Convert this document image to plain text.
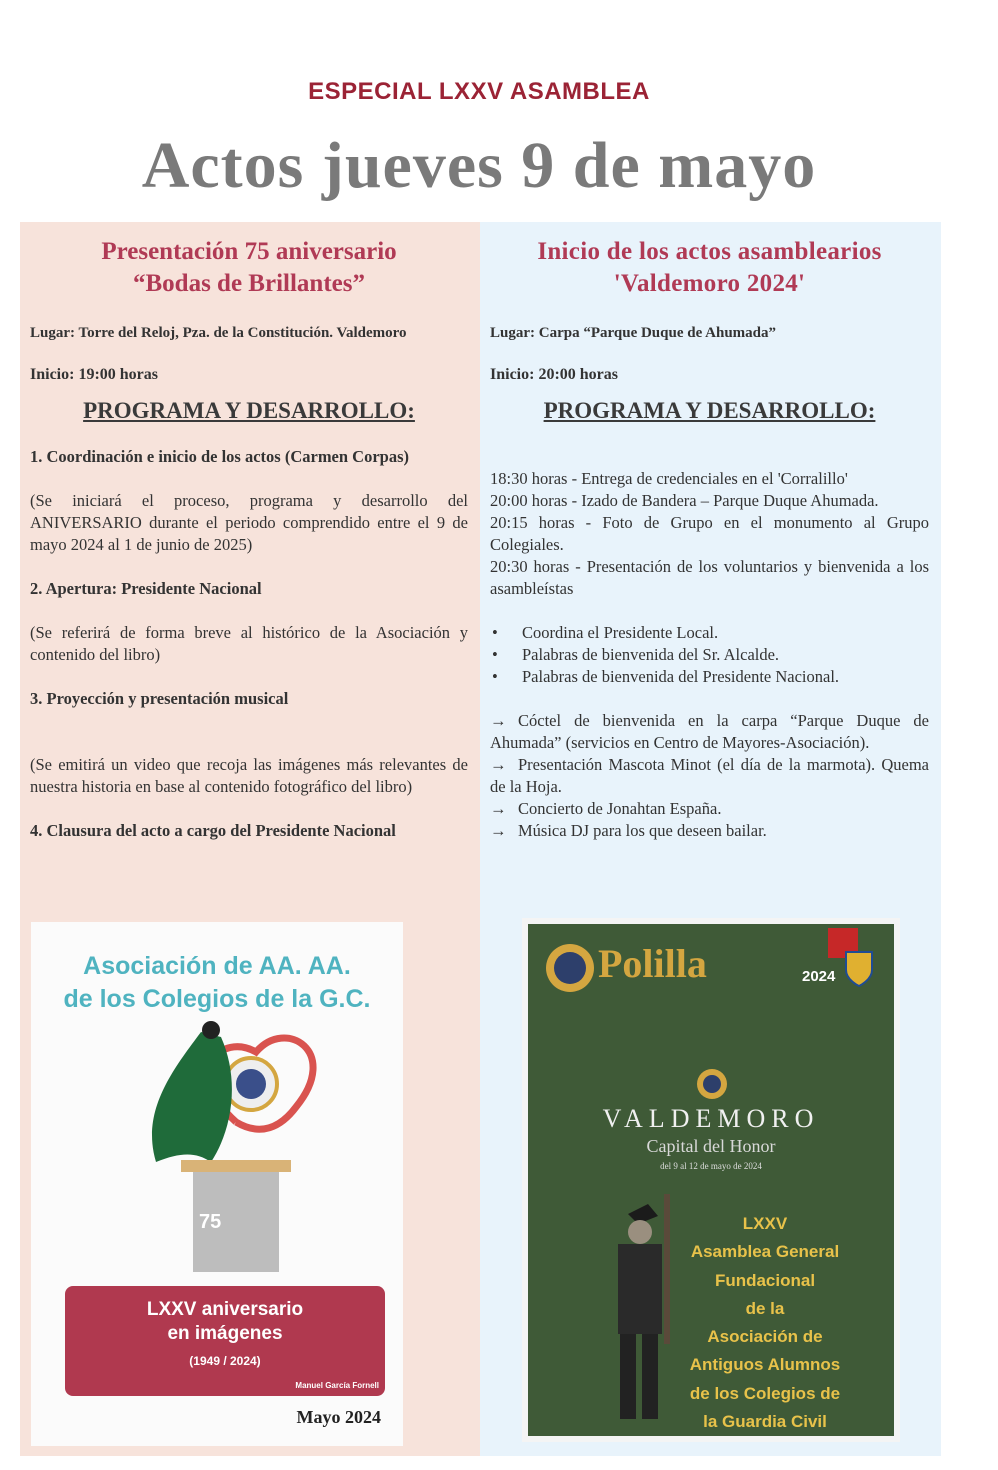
ESPECIAL LXXV ASAMBLEA
Actos jueves 9 de mayo

Presentación 75 aniversario

“Bodas de Brillantes”

Lugar: Torre del Reloj, Pza. de la Constitución. Valdemoro

Inicio: 19:00 horas

PROGRAMA Y DESARROLLO:

1. Coordinación e inicio de los actos (Carmen Corpas)

(Se iniciará el proceso, programa y desarrollo del ANIVERSARIO durante el periodo comprendido entre el 9 de mayo 2024 al 1 de junio de 2025)

2. Apertura: Presidente Nacional

(Se referirá de forma breve al histórico de la Asociación y contenido del libro)

3. Proyección y presentación musical

(Se emitirá un video que recoja las imágenes más relevantes de nuestra historia en base al contenido fotográfico del libro)

4. Clausura del acto a cargo del Presidente Nacional

Asociación de AA. AA.
de los Colegios de la G.C.
75
LXXV aniversario
en imágenes
(1949 / 2024)
Manuel García Fornell
Mayo 2024

Inicio de los actos asamblearios

'Valdemoro 2024'

Lugar: Carpa “Parque Duque de Ahumada”

Inicio: 20:00 horas

PROGRAMA Y DESARROLLO:

18:30 horas - Entrega de credenciales en el 'Corralillo'

20:00 horas - Izado de Bandera – Parque Duque Ahumada.

20:15 horas - Foto de Grupo en el monumento al Grupo Colegiales.

20:30 horas - Presentación de los voluntarios y bienvenida a los asambleístas

• Coordina el Presidente Local.
• Palabras de bienvenida del Sr. Alcalde.
• Palabras de bienvenida del Presidente Nacional.

→ Cóctel de bienvenida en la carpa “Parque Duque de Ahumada” (servicios en Centro de Mayores-Asociación).

→ Presentación Mascota Minot (el día de la marmota). Quema de la Hoja.

→ Concierto de Jonahtan España.

→ Música DJ para los que deseen bailar.

Polilla	2024
VALDEMORO
Capital del Honor
del 9 al 12 de mayo de 2024
LXXV
Asamblea General
Fundacional
de la
Asociación de
Antiguos Alumnos
de los Colegios de
la Guardia Civil
